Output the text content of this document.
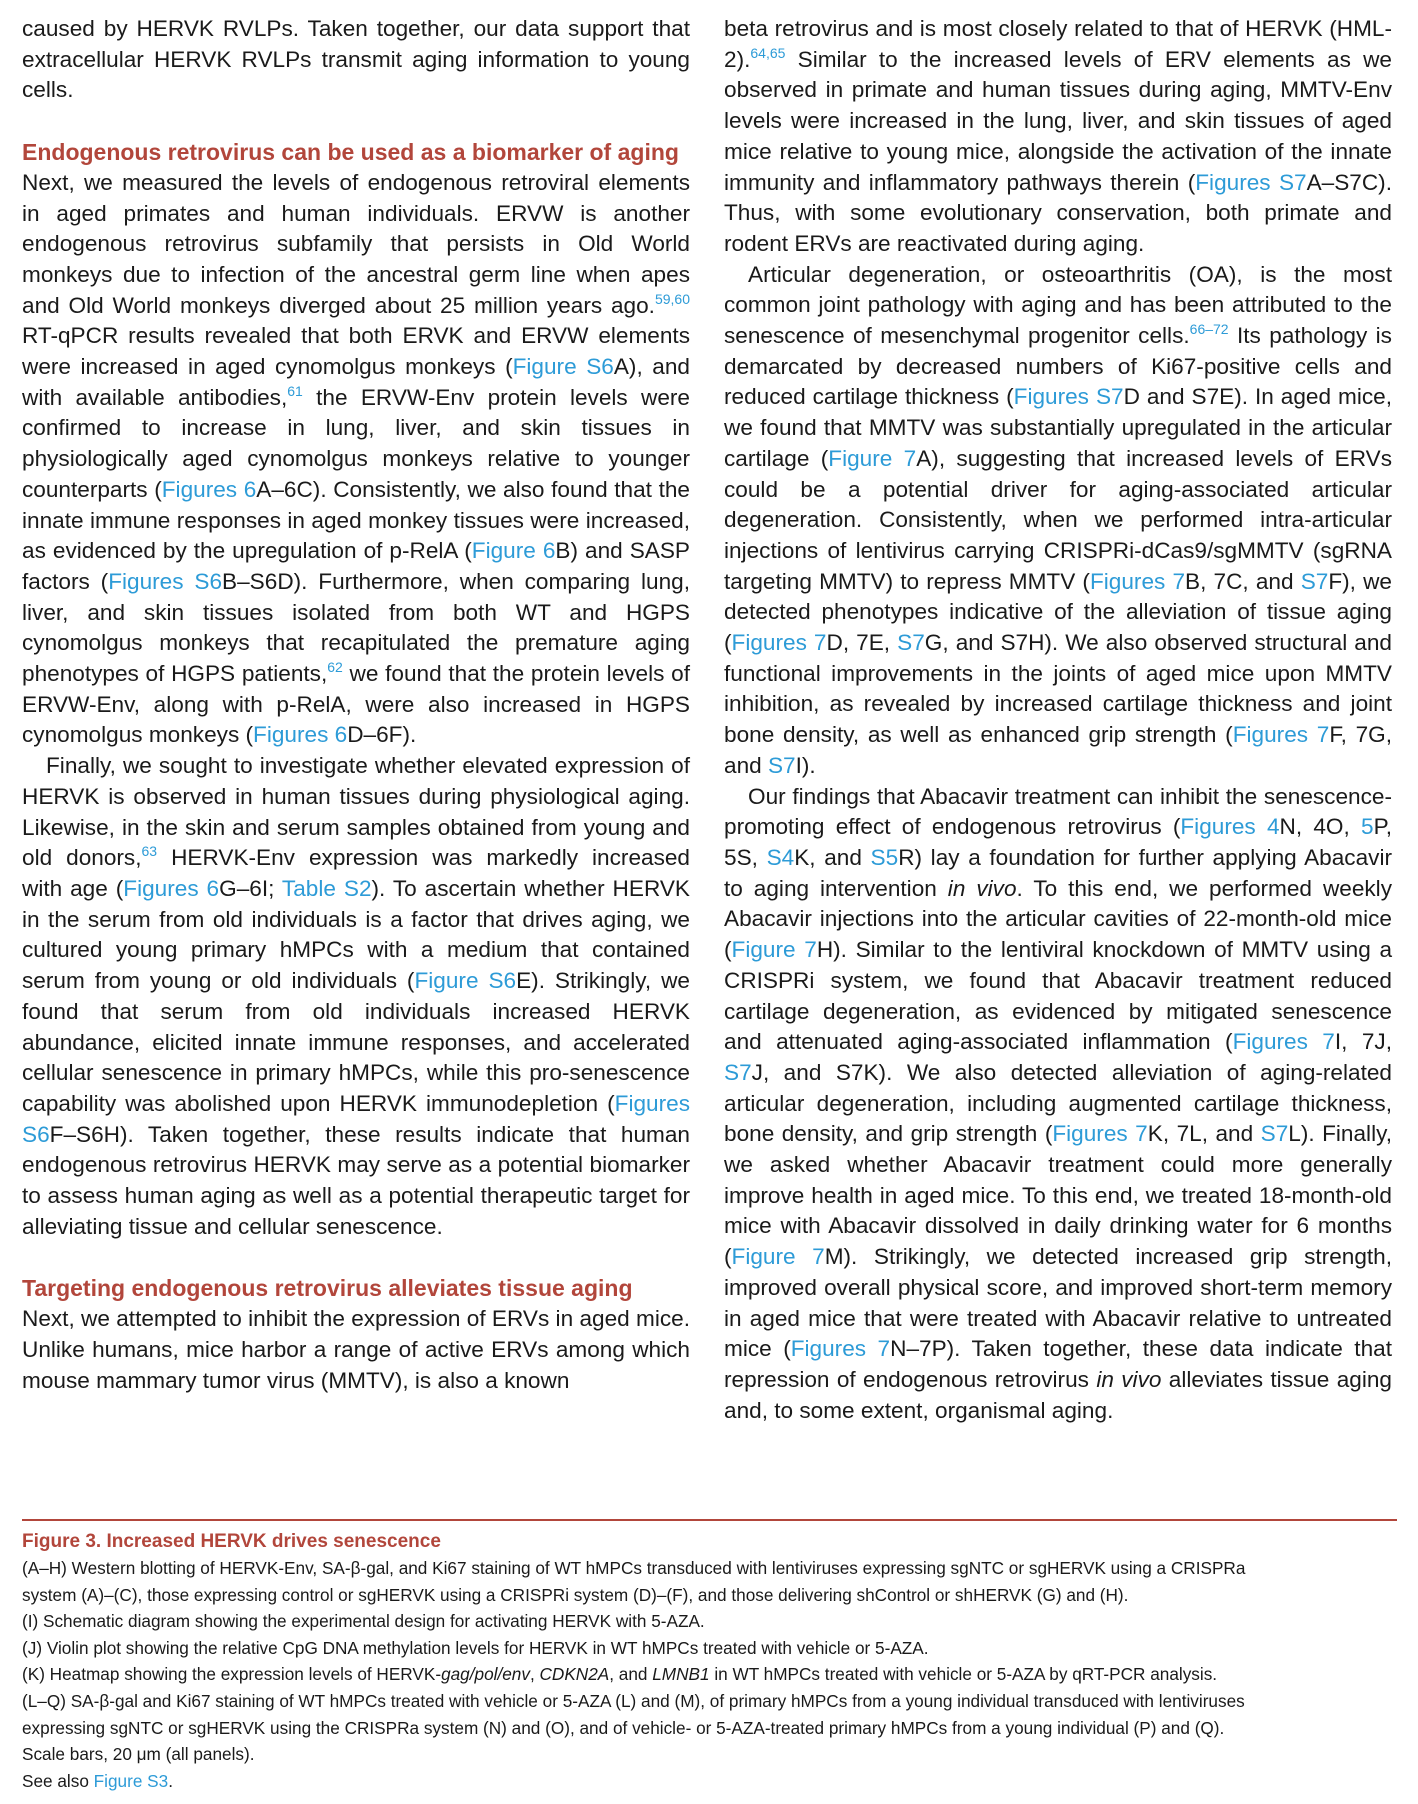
caused by HERVK RVLPs. Taken together, our data support that extracellular HERVK RVLPs transmit aging information to young cells.

Endogenous retrovirus can be used as a biomarker of aging

Next, we measured the levels of endogenous retroviral elements in aged primates and human individuals. ERVW is another endogenous retrovirus subfamily that persists in Old World monkeys due to infection of the ancestral germ line when apes and Old World monkeys diverged about 25 million years ago.$^{59,60}$ RT-qPCR results revealed that both ERVK and ERVW elements were increased in aged cynomolgus monkeys (Figure S6A), and with available antibodies,$^{61}$ the ERVW-Env protein levels were confirmed to increase in lung, liver, and skin tissues in physiologically aged cynomolgus monkeys relative to younger counterparts (Figures 6A–6C). Consistently, we also found that the innate immune responses in aged monkey tissues were increased, as evidenced by the upregulation of p-RelA (Figure 6B) and SASP factors (Figures S6B–S6D). Furthermore, when comparing lung, liver, and skin tissues isolated from both WT and HGPS cynomolgus monkeys that recapitulated the premature aging phenotypes of HGPS patients,$^{62}$ we found that the protein levels of ERVW-Env, along with p-RelA, were also increased in HGPS cynomolgus monkeys (Figures 6D–6F).

Finally, we sought to investigate whether elevated expression of HERVK is observed in human tissues during physiological aging. Likewise, in the skin and serum samples obtained from young and old donors,$^{63}$ HERVK-Env expression was markedly increased with age (Figures 6G–6I; Table S2). To ascertain whether HERVK in the serum from old individuals is a factor that drives aging, we cultured young primary hMPCs with a medium that contained serum from young or old individuals (Figure S6E). Strikingly, we found that serum from old individuals increased HERVK abundance, elicited innate immune responses, and accelerated cellular senescence in primary hMPCs, while this pro-senescence capability was abolished upon HERVK immunodepletion (Figures S6F–S6H). Taken together, these results indicate that human endogenous retrovirus HERVK may serve as a potential biomarker to assess human aging as well as a potential therapeutic target for alleviating tissue and cellular senescence.

Targeting endogenous retrovirus alleviates tissue aging

Next, we attempted to inhibit the expression of ERVs in aged mice. Unlike humans, mice harbor a range of active ERVs among which mouse mammary tumor virus (MMTV), is also a known

beta retrovirus and is most closely related to that of HERVK (HML-2).$^{64,65}$ Similar to the increased levels of ERV elements as we observed in primate and human tissues during aging, MMTV-Env levels were increased in the lung, liver, and skin tissues of aged mice relative to young mice, alongside the activation of the innate immunity and inflammatory pathways therein (Figures S7A–S7C). Thus, with some evolutionary conservation, both primate and rodent ERVs are reactivated during aging.

Articular degeneration, or osteoarthritis (OA), is the most common joint pathology with aging and has been attributed to the senescence of mesenchymal progenitor cells.$^{66-72}$ Its pathology is demarcated by decreased numbers of Ki67-positive cells and reduced cartilage thickness (Figures S7D and S7E). In aged mice, we found that MMTV was substantially upregulated in the articular cartilage (Figure 7A), suggesting that increased levels of ERVs could be a potential driver for aging-associated articular degeneration. Consistently, when we performed intra-articular injections of lentivirus carrying CRISPRi-dCas9/sgMMTV (sgRNA targeting MMTV) to repress MMTV (Figures 7B, 7C, and S7F), we detected phenotypes indicative of the alleviation of tissue aging (Figures 7D, 7E, S7G, and S7H). We also observed structural and functional improvements in the joints of aged mice upon MMTV inhibition, as revealed by increased cartilage thickness and joint bone density, as well as enhanced grip strength (Figures 7F, 7G, and S7I).

Our findings that Abacavir treatment can inhibit the senescence-promoting effect of endogenous retrovirus (Figures 4N, 4O, 5P, 5S, S4K, and S5R) lay a foundation for further applying Abacavir to aging intervention in vivo. To this end, we performed weekly Abacavir injections into the articular cavities of 22-month-old mice (Figure 7H). Similar to the lentiviral knockdown of MMTV using a CRISPRi system, we found that Abacavir treatment reduced cartilage degeneration, as evidenced by mitigated senescence and attenuated aging-associated inflammation (Figures 7I, 7J, S7J, and S7K). We also detected alleviation of aging-related articular degeneration, including augmented cartilage thickness, bone density, and grip strength (Figures 7K, 7L, and S7L). Finally, we asked whether Abacavir treatment could more generally improve health in aged mice. To this end, we treated 18-month-old mice with Abacavir dissolved in daily drinking water for 6 months (Figure 7M). Strikingly, we detected increased grip strength, improved overall physical score, and improved short-term memory in aged mice that were treated with Abacavir relative to untreated mice (Figures 7N–7P). Taken together, these data indicate that repression of endogenous retrovirus in vivo alleviates tissue aging and, to some extent, organismal aging.

Figure 3. Increased HERVK drives senescence

(A–H) Western blotting of HERVK-Env, SA-β-gal, and Ki67 staining of WT hMPCs transduced with lentiviruses expressing sgNTC or sgHERVK using a CRISPRa

system (A)–(C), those expressing control or sgHERVK using a CRISPRi system (D)–(F), and those delivering shControl or shHERVK (G) and (H).

(I) Schematic diagram showing the experimental design for activating HERVK with 5-AZA.

(J) Violin plot showing the relative CpG DNA methylation levels for HERVK in WT hMPCs treated with vehicle or 5-AZA.

(K) Heatmap showing the expression levels of HERVK-gag/pol/env, CDKN2A, and LMNB1 in WT hMPCs treated with vehicle or 5-AZA by qRT-PCR analysis.

(L–Q) SA-β-gal and Ki67 staining of WT hMPCs treated with vehicle or 5-AZA (L) and (M), of primary hMPCs from a young individual transduced with lentiviruses

expressing sgNTC or sgHERVK using the CRISPRa system (N) and (O), and of vehicle- or 5-AZA-treated primary hMPCs from a young individual (P) and (Q).

Scale bars, 20 μm (all panels).

See also Figure S3.
